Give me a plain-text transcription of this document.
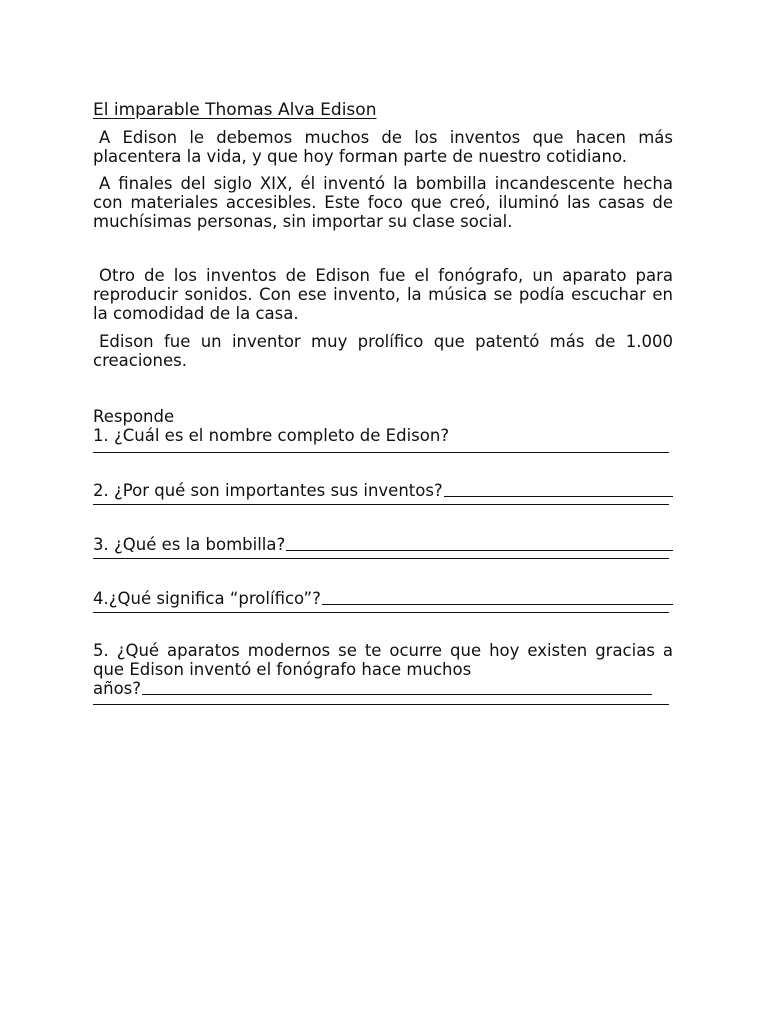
El imparable Thomas Alva Edison

A Edison le debemos muchos de los inventos que hacen más placentera la vida, y que hoy forman parte de nuestro cotidiano.

A finales del siglo XIX, él inventó la bombilla incandescente hecha con materiales accesibles. Este foco que creó, iluminó las casas de muchísimas personas, sin importar su clase social.

Otro de los inventos de Edison fue el fonógrafo, un aparato para reproducir sonidos. Con ese invento, la música se podía escuchar en la comodidad de la casa.

Edison fue un inventor muy prolífico que patentó más de 1.000 creaciones.

Responde

1. ¿Cuál es el nombre completo de Edison?

2. ¿Por qué son importantes sus inventos?
3. ¿Qué es la bombilla?
4.¿Qué significa “prolífico”?

5. ¿Qué aparatos modernos se te ocurre que hoy existen gracias a que Edison inventó el fonógrafo hace muchos

años?
